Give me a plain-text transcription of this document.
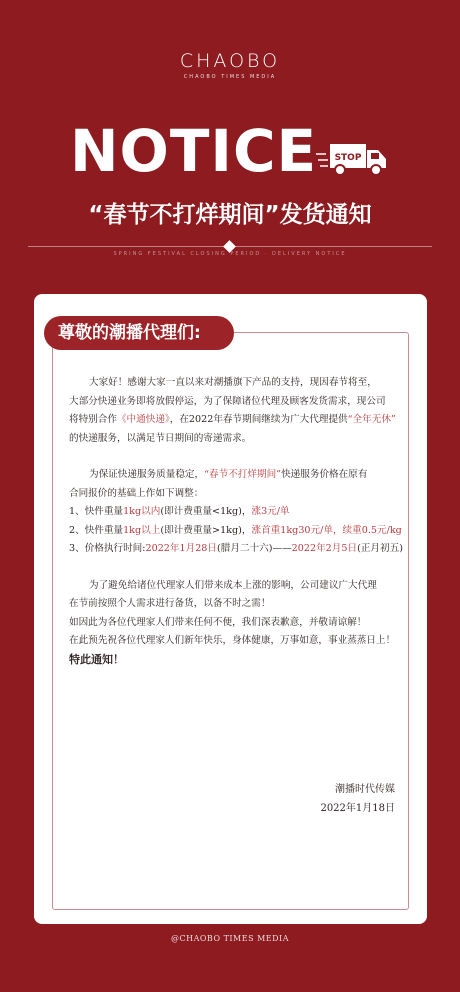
CHAOBO
CHAOBO TIMES MEDIA
NOTICE STOP
“春节不打烊期间”发货通知
SPRING FESTIVAL CLOSING PERIOD · DELIVERY NOTICE
尊敬的潮播代理们:

大家好！感谢大家一直以来对潮播旗下产品的支持，现因春节将至，

大部分快递业务即将放假停运，为了保障诸位代理及顾客发货需求，现公司

将特别合作《中通快递》，在2022年春节期间继续为广大代理提供“全年无休”

的快递服务，以满足节日期间的寄递需求。

为保证快递服务质量稳定，“春节不打烊期间”快递服务价格在原有

合同报价的基础上作如下调整：

1、快件重量1kg以内(即计费重量<1kg)，涨3元/单

2、快件重量1kg以上(即计费重量>1kg)，涨首重1kg30元/单，续重0.5元/kg

3、价格执行时间:2022年1月28日(腊月二十六)——2022年2月5日(正月初五)

为了避免给诸位代理家人们带来成本上涨的影响，公司建议广大代理

在节前按照个人需求进行备货，以备不时之需！

如因此为各位代理家人们带来任何不便，我们深表歉意，并敬请谅解！

在此预先祝各位代理家人们新年快乐，身体健康，万事如意，事业蒸蒸日上！

特此通知！

潮播时代传媒
2022年1月18日
@CHAOBO TIMES MEDIA
